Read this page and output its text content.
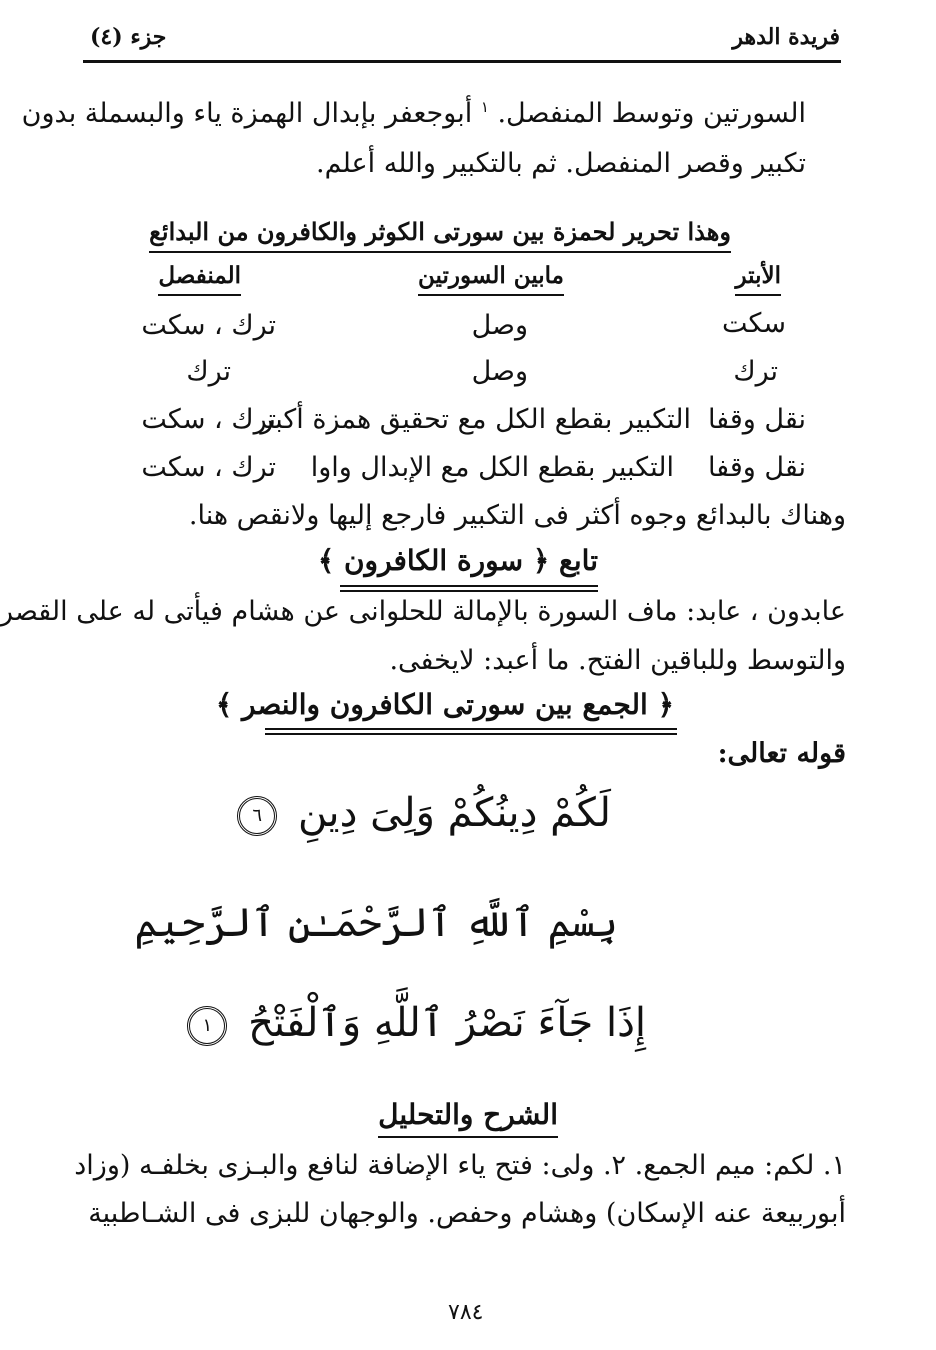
فريدة الدهر
جزء (٤)
السورتين وتوسط المنفصل. $^١$ أبوجعفر بإبدال الهمزة ياء والبسملة بدون
تكبير وقصر المنفصل. ثم بالتكبير والله أعلم.
وهذا تحرير لحمزة بين سورتى الكوثر والكافرون من البدائع
الأبتر
مابين السورتين
المنفصل
سكت
وصل
ترك ، سكت
ترك
وصل
ترك
نقل وقفا
التكبير بقطع الكل مع تحقيق همزة أكبر
ترك ، سكت
نقل وقفا
التكبير بقطع الكل مع الإبدال واوا
ترك ، سكت
وهناك بالبدائع وجوه أكثر فى التكبير فارجع إليها ولانقص هنا.
تابع ﴿ سورة الكافرون ﴾
عابدون ، عابد: ماف السورة بالإمالة للحلوانى عن هشام فيأتى له على القصر
والتوسط وللباقين الفتح. ما أعبد: لايخفى.
﴿ الجمع بين سورتى الكافرون والنصر ﴾
قوله تعالى:
لَكُمْ دِينُكُمْ وَلِىَ دِينِ ٦
بِسْمِ ٱللَّهِ ٱلرَّحْمَـٰنِ ٱلرَّحِيمِ
إِذَا جَآءَ نَصْرُ ٱللَّهِ وَٱلْفَتْحُ ١
الشرح والتحليل
١. لكم: ميم الجمع. ٢. ولى: فتح ياء الإضافة لنافع والبـزى بخلفـه (وزاد
أبوربيعة عنه الإسكان) وهشام وحفص. والوجهان للبزى فى الشـاطبية
٧٨٤
